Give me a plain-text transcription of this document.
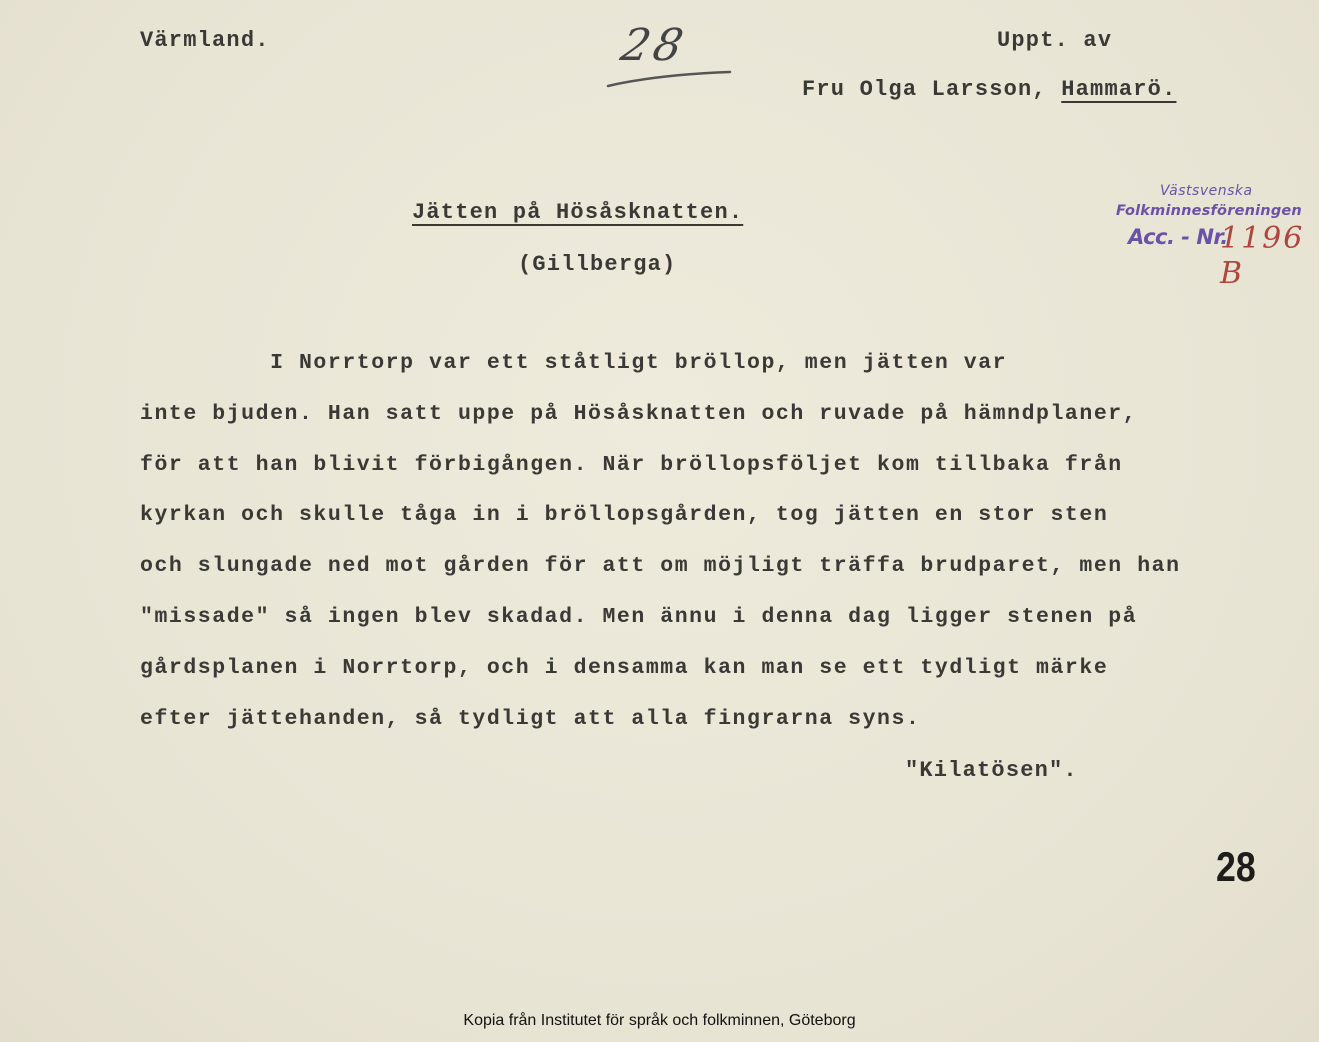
Värmland.	28	Uppt. av
Fru Olga Larsson, Hammarö.
Västsvenska
Folkminnesföreningen
Acc. - Nr.
1196 B
Jätten på Hösåsknatten.
(Gillberga)
I Norrtorp var ett ståtligt bröllop, men jätten var
inte bjuden. Han satt uppe på Hösåsknatten och ruvade på hämndplaner,
för att han blivit förbigången. När bröllopsföljet kom tillbaka från
kyrkan och skulle tåga in i bröllopsgården, tog jätten en stor sten
och slungade ned mot gården för att om möjligt träffa brudparet, men han
"missade" så ingen blev skadad. Men ännu i denna dag ligger stenen på
gårdsplanen i Norrtorp, och i densamma kan man se ett tydligt märke
efter jättehanden, så tydligt att alla fingrarna syns.
"Kilatösen".
28
Kopia från Institutet för språk och folkminnen, Göteborg
